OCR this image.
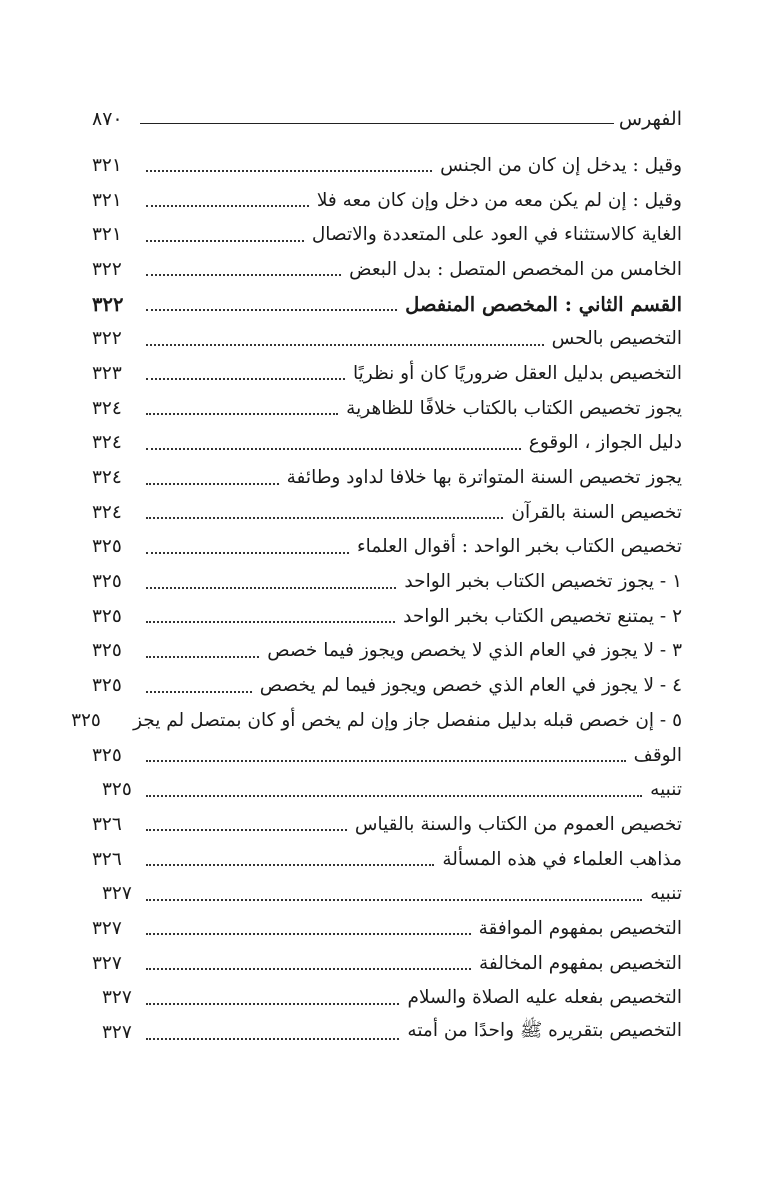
الفهرس
٨٧٠
وقيل : يدخل إن كان من الجنس
٣٢١
وقيل : إن لم يكن معه من دخل وإن كان معه فلا
٣٢١
الغاية كالاستثناء في العود على المتعددة والاتصال
٣٢١
الخامس من المخصص المتصل : بدل البعض
٣٢٢
القسم الثاني : المخصص المنفصل
٣٢٢
التخصيص بالحس
٣٢٢
التخصيص بدليل العقل ضروريًا كان أو نظريًا
٣٢٣
يجوز تخصيص الكتاب بالكتاب خلافًا للظاهرية
٣٢٤
دليل الجواز ، الوقوع
٣٢٤
يجوز تخصيص السنة المتواترة بها خلافا لداود وطائفة
٣٢٤
تخصيص السنة بالقرآن
٣٢٤
تخصيص الكتاب بخبر الواحد : أقوال العلماء
٣٢٥
١ - يجوز تخصيص الكتاب بخبر الواحد
٣٢٥
٢ - يمتنع تخصيص الكتاب بخبر الواحد
٣٢٥
٣ - لا يجوز في العام الذي لا يخصص ويجوز فيما خصص
٣٢٥
٤ - لا يجوز في العام الذي خصص ويجوز فيما لم يخصص
٣٢٥
٥ - إن خصص قبله بدليل منفصل جاز وإن لم يخص أو كان بمتصل لم يجز
٣٢٥
الوقف
٣٢٥
تنبيه
٣٢٥
تخصيص العموم من الكتاب والسنة بالقياس
٣٢٦
مذاهب العلماء في هذه المسألة
٣٢٦
تنبيه
٣٢٧
التخصيص بمفهوم الموافقة
٣٢٧
التخصيص بمفهوم المخالفة
٣٢٧
التخصيص بفعله عليه الصلاة والسلام
٣٢٧
التخصيص بتقريره ﷺ واحدًا من أمته
٣٢٧
